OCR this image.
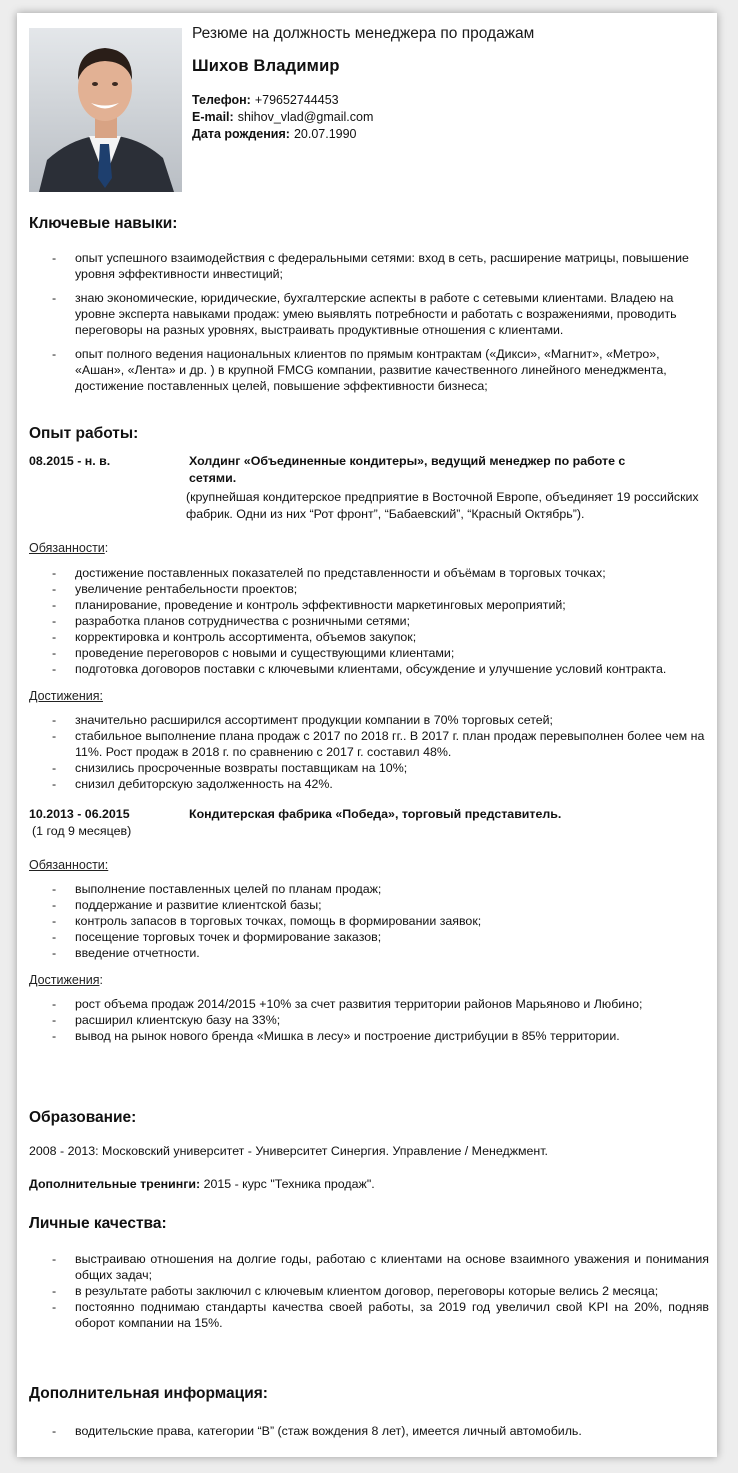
Резюме на должность менеджера по продажам
Шихов Владимир
Телефон: +79652744453
E-mail: shihov_vlad@gmail.com
Дата рождения: 20.07.1990
Ключевые навыки:
- опыт успешного взаимодействия с федеральными сетями: вход в сеть, расширение матрицы, повышение уровня эффективности инвестиций;
- знаю экономические, юридические, бухгалтерские аспекты в работе с сетевыми клиентами. Владею на уровне эксперта навыками продаж: умею выявлять потребности и работать с возражениями, проводить переговоры на разных уровнях, выстраивать продуктивные отношения с клиентами.
- опыт полного ведения национальных клиентов по прямым контрактам («Дикси», «Магнит», «Метро», «Ашан», «Лента» и др. ) в крупной FMCG компании, развитие качественного линейного менеджмента, достижение поставленных целей, повышение эффективности бизнеса;
Опыт работы:
08.2015 - н. в.	Холдинг «Объединенные кондитеры», ведущий менеджер по работе с сетями.
(крупнейшая кондитерское предприятие в Восточной Европе, объединяет 19 российских фабрик. Одни из них “Рот фронт”, “Бабаевский”, “Красный Октябрь”).
Обязанности:
- достижение поставленных показателей по представленности и объёмам в торговых точках;
- увеличение рентабельности проектов;
- планирование, проведение и контроль эффективности маркетинговых мероприятий;
- разработка планов сотрудничества с розничными сетями;
- корректировка и контроль ассортимента, объемов закупок;
- проведение переговоров с новыми и существующими клиентами;
- подготовка договоров поставки с ключевыми клиентами, обсуждение и улучшение условий контракта.
Достижения:
- значительно расширился ассортимент продукции компании в 70% торговых сетей;
- стабильное выполнение плана продаж с 2017 по 2018 гг.. В 2017 г. план продаж перевыполнен более чем на 11%. Рост продаж в 2018 г. по сравнению с 2017 г. составил 48%.
- снизились просроченные возвраты поставщикам на 10%;
- снизил дебиторскую задолженность на 42%.
10.2013 - 06.2015	Кондитерская фабрика «Победа», торговый представитель.
(1 год 9 месяцев)
Обязанности:
- выполнение поставленных целей по планам продаж;
- поддержание и развитие клиентской базы;
- контроль запасов в торговых точках, помощь в формировании заявок;
- посещение торговых точек и формирование заказов;
- введение отчетности.
Достижения:
- рост объема продаж 2014/2015 +10% за счет развития территории районов Марьяново и Любино;
- расширил клиентскую базу на 33%;
- вывод на рынок нового бренда «Мишка в лесу» и построение дистрибуции в 85% территории.
Образование:
2008 - 2013: Московский университет - Университет Синергия. Управление / Менеджмент.
Дополнительные тренинги: 2015 - курс "Техника продаж".
Личные качества:
- выстраиваю отношения на долгие годы, работаю с клиентами на основе взаимного уважения и понимания общих задач;
- в результате работы заключил с ключевым клиентом договор, переговоры которые велись 2 месяца;
- постоянно поднимаю стандарты качества своей работы, за 2019 год увеличил свой KPI на 20%, подняв оборот компании на 15%.
Дополнительная информация:
- водительские права, категории “B” (стаж вождения 8 лет), имеется личный автомобиль.
